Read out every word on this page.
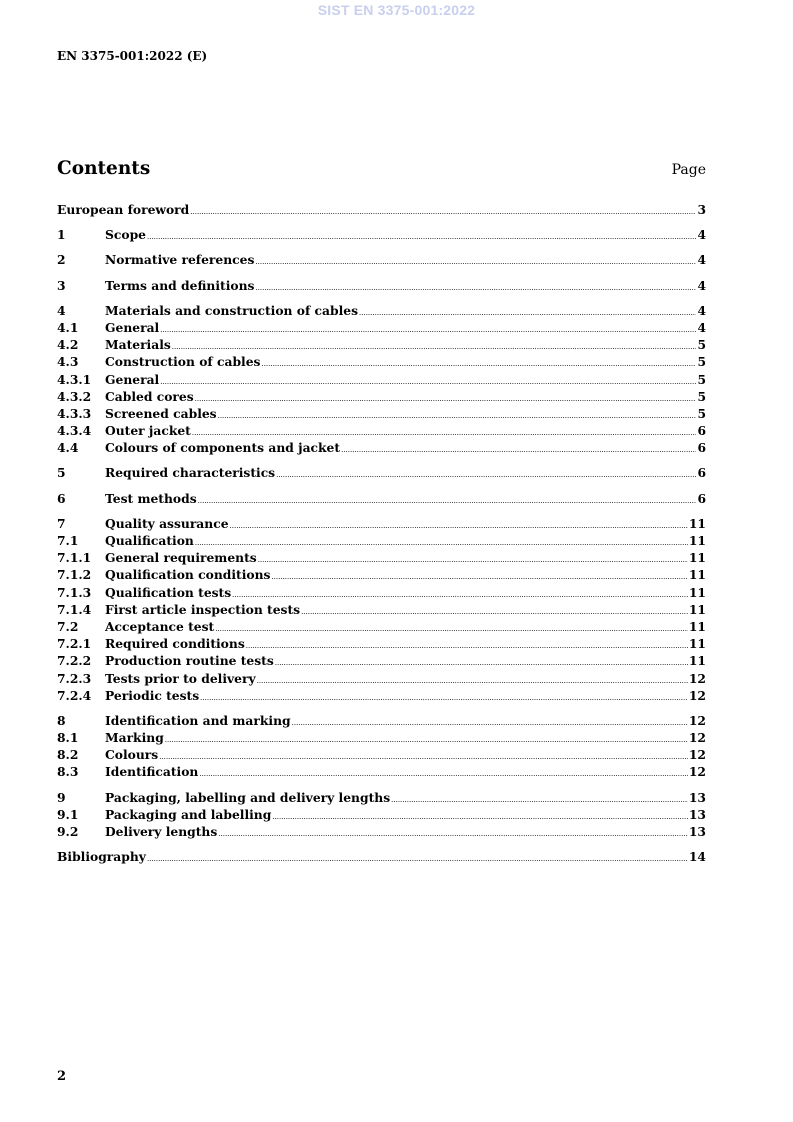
SIST EN 3375-001:2022
EN 3375-001:2022 (E)
Contents	Page
European foreword .....	3
1	Scope .....	4
2	Normative references .....	4
3	Terms and definitions .....	4
4	Materials and construction of cables .....	4
4.1	General .....	4
4.2	Materials .....	5
4.3	Construction of cables .....	5
4.3.1	General .....	5
4.3.2	Cabled cores .....	5
4.3.3	Screened cables .....	5
4.3.4	Outer jacket .....	6
4.4	Colours of components and jacket .....	6
5	Required characteristics .....	6
6	Test methods .....	6
7	Quality assurance .....	11
7.1	Qualification .....	11
7.1.1	General requirements .....	11
7.1.2	Qualification conditions .....	11
7.1.3	Qualification tests .....	11
7.1.4	First article inspection tests .....	11
7.2	Acceptance test .....	11
7.2.1	Required conditions .....	11
7.2.2	Production routine tests .....	11
7.2.3	Tests prior to delivery .....	12
7.2.4	Periodic tests .....	12
8	Identification and marking .....	12
8.1	Marking .....	12
8.2	Colours .....	12
8.3	Identification .....	12
9	Packaging, labelling and delivery lengths .....	13
9.1	Packaging and labelling .....	13
9.2	Delivery lengths .....	13
Bibliography .....	14
2
